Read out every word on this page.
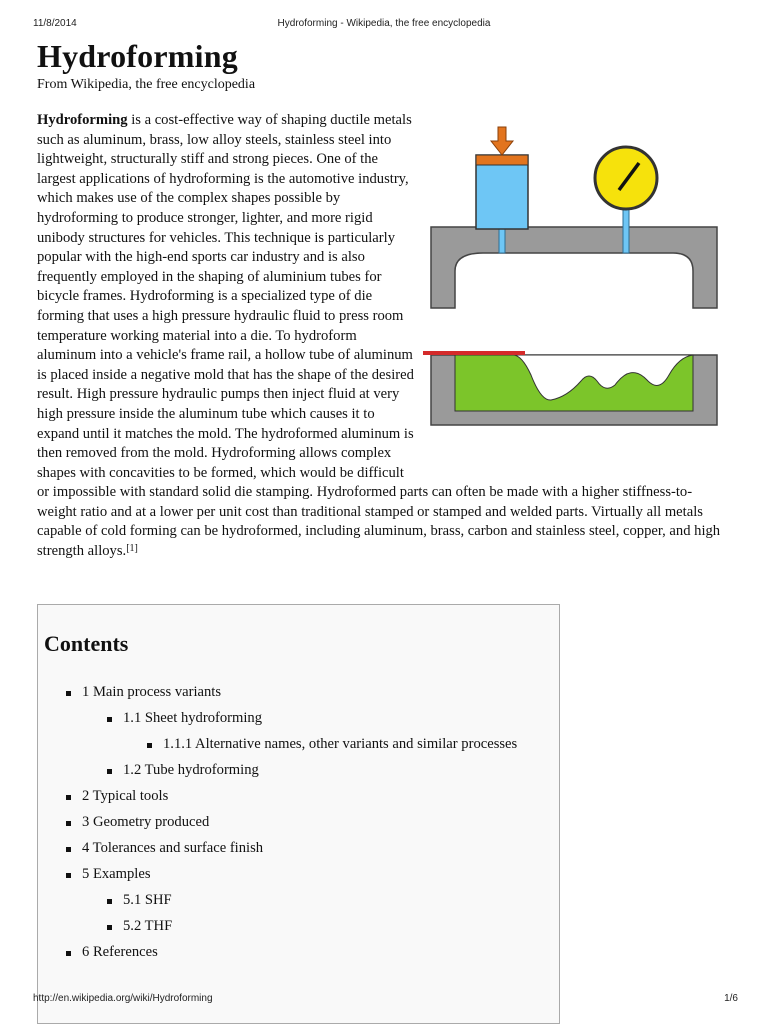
11/8/2014	Hydroforming - Wikipedia, the free encyclopedia
Hydroforming
From Wikipedia, the free encyclopedia
Hydroforming is a cost-effective way of shaping ductile metals such as aluminum, brass, low alloy steels, stainless steel into lightweight, structurally stiff and strong pieces. One of the largest applications of hydroforming is the automotive industry, which makes use of the complex shapes possible by hydroforming to produce stronger, lighter, and more rigid unibody structures for vehicles. This technique is particularly popular with the high-end sports car industry and is also frequently employed in the shaping of aluminium tubes for bicycle frames. Hydroforming is a specialized type of die forming that uses a high pressure hydraulic fluid to press room temperature working material into a die. To hydroform aluminum into a vehicle's frame rail, a hollow tube of aluminum is placed inside a negative mold that has the shape of the desired result. High pressure hydraulic pumps then inject fluid at very high pressure inside the aluminum tube which causes it to expand until it matches the mold. The hydroformed aluminum is then removed from the mold. Hydroforming allows complex shapes with concavities to be formed, which would be difficult or impossible with standard solid die stamping. Hydroformed parts can often be made with a higher stiffness-to-weight ratio and at a lower per unit cost than traditional stamped or stamped and welded parts. Virtually all metals capable of cold forming can be hydroformed, including aluminum, brass, carbon and stainless steel, copper, and high strength alloys.[1]
Contents
1 Main process variants
1.1 Sheet hydroforming
1.1.1 Alternative names, other variants and similar processes
1.2 Tube hydroforming
2 Typical tools
3 Geometry produced
4 Tolerances and surface finish
5 Examples
5.1 SHF
5.2 THF
6 References
http://en.wikipedia.org/wiki/Hydroforming	1/6
